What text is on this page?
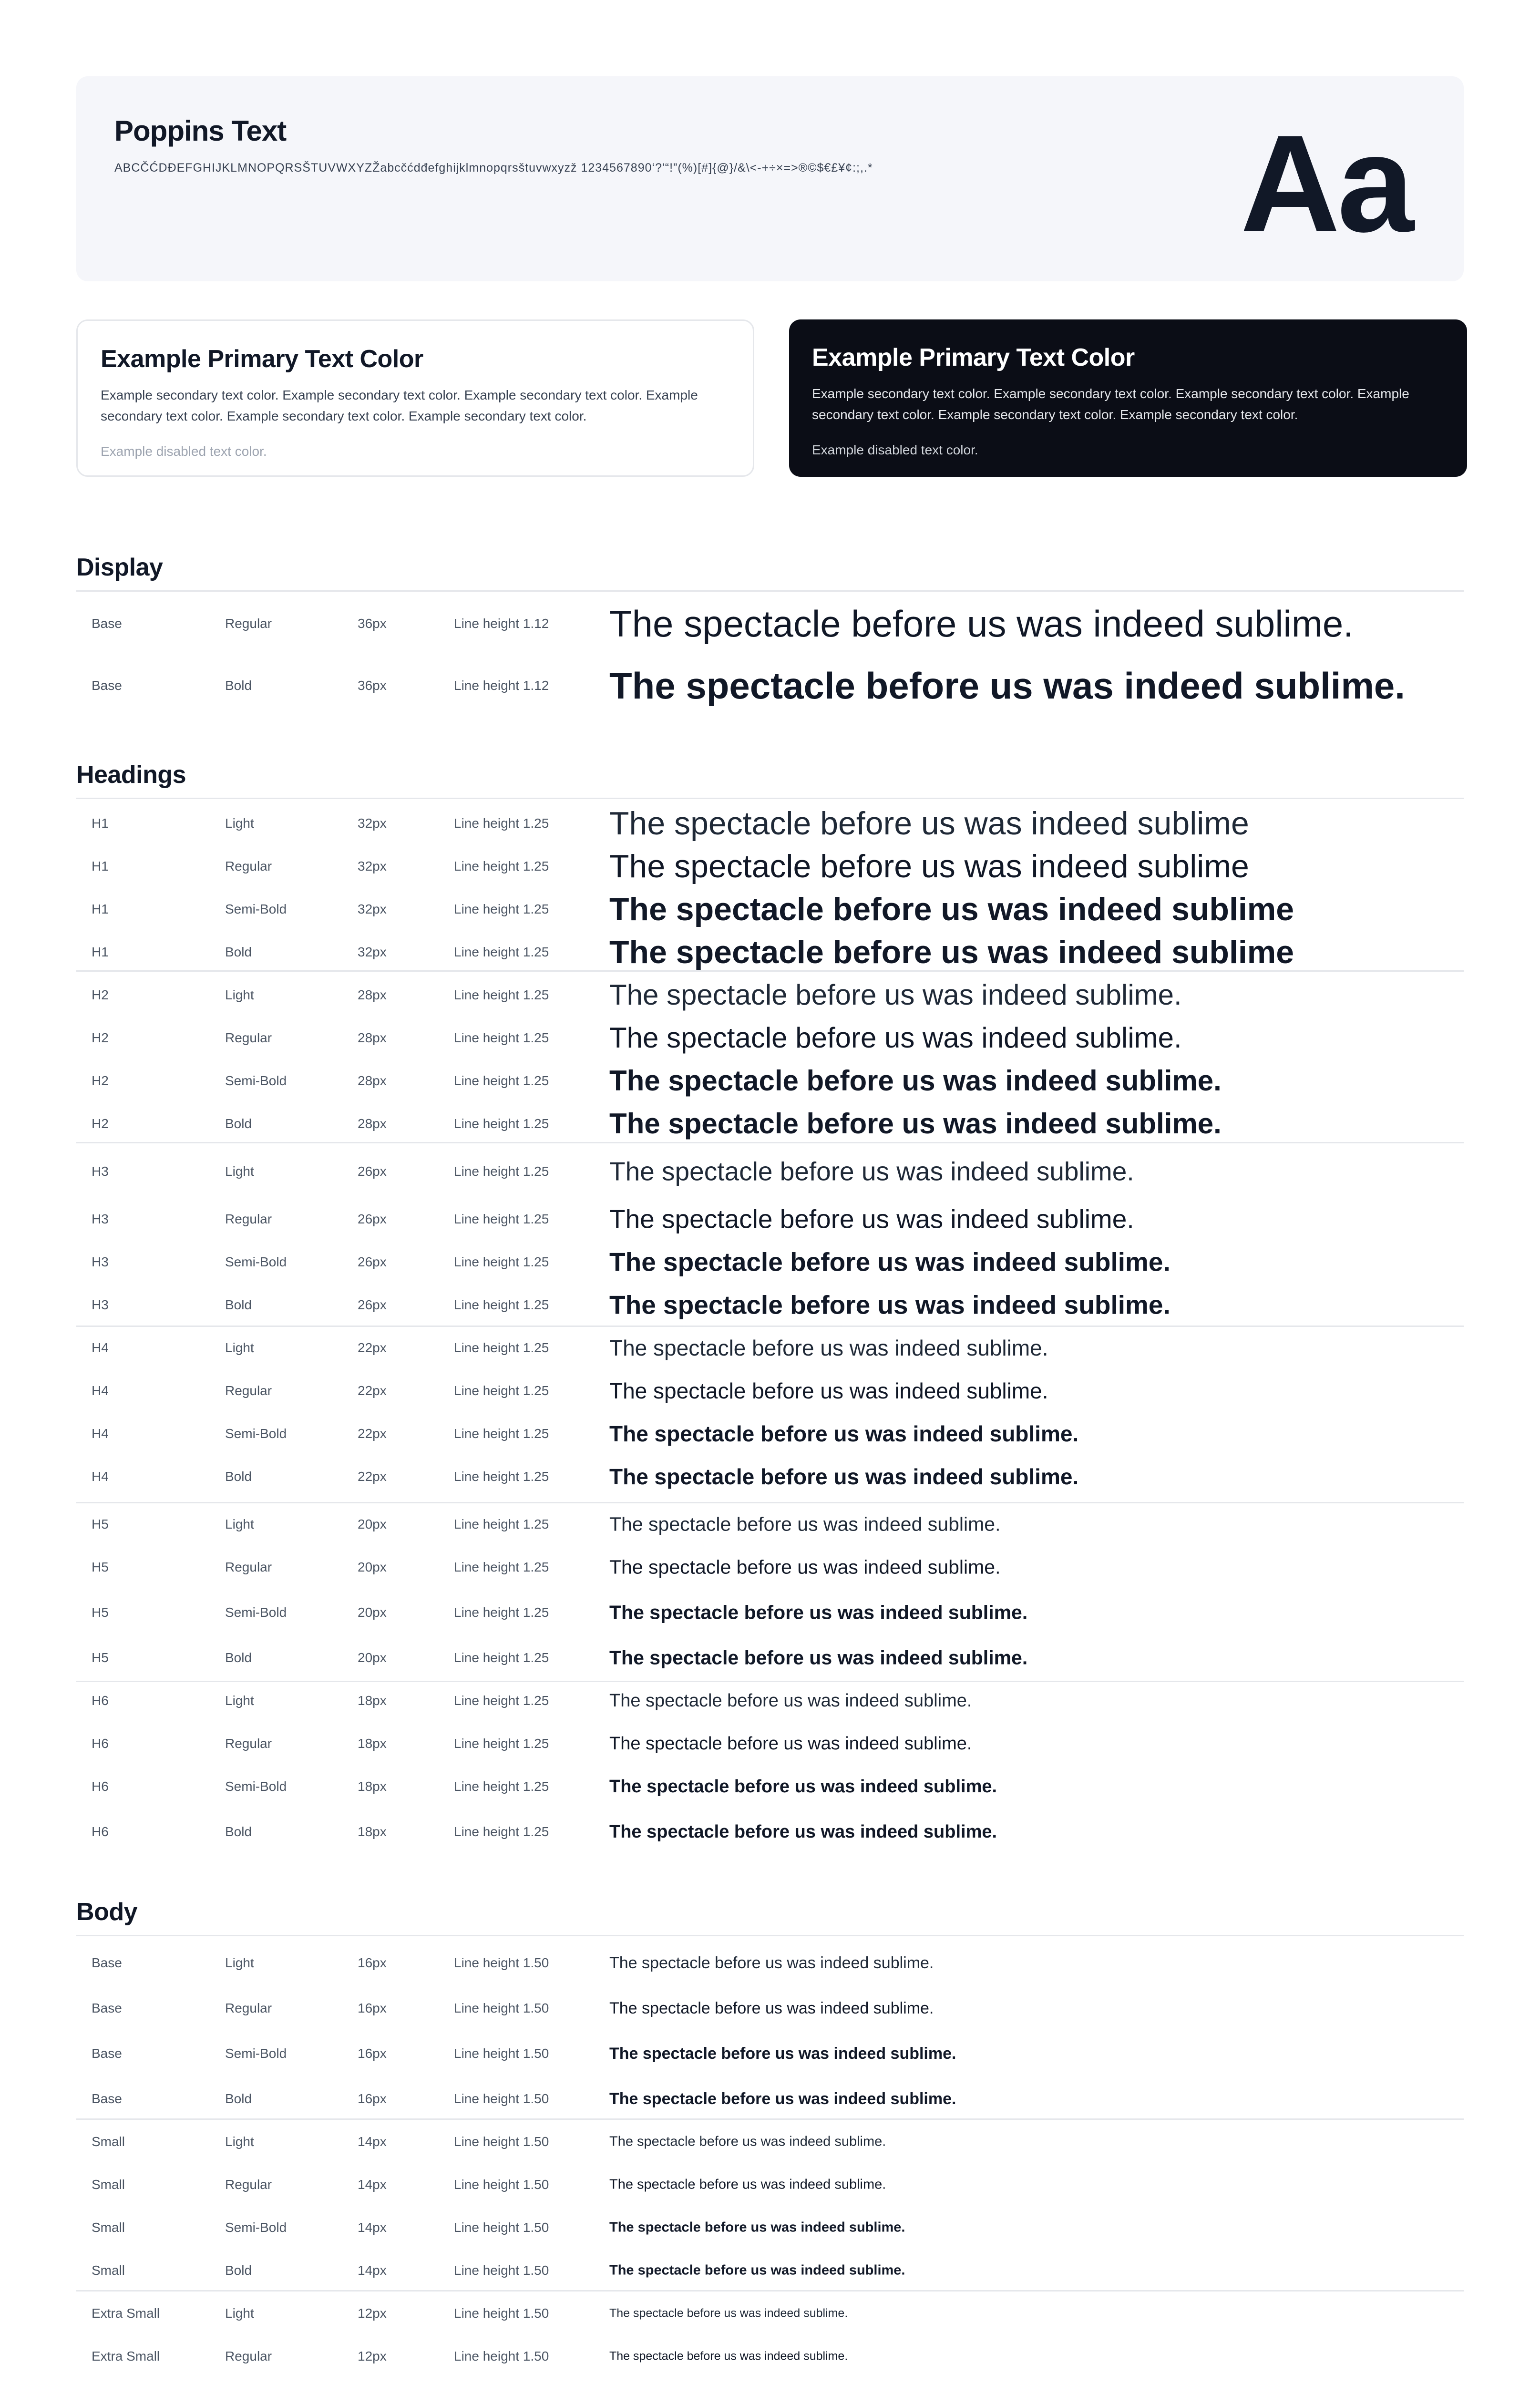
Poppins Text
ABCČĆDĐEFGHIJKLMNOPQRSŠTUVWXYZŽabcčćdđefghijklmnopqrsštuvwxyzž 1234567890‘?'“!”(%)[#]{@}/&\<-+÷×=>®©$€£¥¢:;,.*	Aa
Example Primary Text Color
Example secondary text color. Example secondary text color. Example secondary text color. Example secondary text color. Example secondary text color. Example secondary text color.
Example disabled text color.
Example Primary Text Color
Example secondary text color. Example secondary text color. Example secondary text color. Example secondary text color. Example secondary text color. Example secondary text color.
Example disabled text color.
Display
Base	Regular	36px	Line height 1.12 The spectacle before us was indeed sublime.
Base	Bold	36px	Line height 1.12 The spectacle before us was indeed sublime.
Headings
H1	Light	32px	Line height 1.25 The spectacle before us was indeed sublime
H1	Regular	32px	Line height 1.25 The spectacle before us was indeed sublime
H1	Semi-Bold	32px	Line height 1.25 The spectacle before us was indeed sublime
H1	Bold	32px	Line height 1.25 The spectacle before us was indeed sublime
H2	Light	28px	Line height 1.25 The spectacle before us was indeed sublime.
H2	Regular	28px	Line height 1.25 The spectacle before us was indeed sublime.
H2	Semi-Bold	28px	Line height 1.25 The spectacle before us was indeed sublime.
H2	Bold	28px	Line height 1.25 The spectacle before us was indeed sublime.
H3	Light	26px	Line height 1.25 The spectacle before us was indeed sublime.
H3	Regular	26px	Line height 1.25 The spectacle before us was indeed sublime.
H3	Semi-Bold	26px	Line height 1.25 The spectacle before us was indeed sublime.
H3	Bold	26px	Line height 1.25 The spectacle before us was indeed sublime.
H4	Light	22px	Line height 1.25	The spectacle before us was indeed sublime.
H4	Regular	22px	Line height 1.25	The spectacle before us was indeed sublime.
H4	Semi-Bold	22px	Line height 1.25	The spectacle before us was indeed sublime.
H4	Bold	22px	Line height 1.25	The spectacle before us was indeed sublime.
H5	Light	20px	Line height 1.25	The spectacle before us was indeed sublime.
H5	Regular	20px	Line height 1.25	The spectacle before us was indeed sublime.
H5	Semi-Bold	20px	Line height 1.25	The spectacle before us was indeed sublime.
H5	Bold	20px	Line height 1.25	The spectacle before us was indeed sublime.
H6	Light	18px	Line height 1.25	The spectacle before us was indeed sublime.
H6	Regular	18px	Line height 1.25	The spectacle before us was indeed sublime.
H6	Semi-Bold	18px	Line height 1.25	The spectacle before us was indeed sublime.
H6	Bold	18px	Line height 1.25	The spectacle before us was indeed sublime.
Body
Base	Light	16px	Line height 1.50	The spectacle before us was indeed sublime.
Base	Regular	16px	Line height 1.50	The spectacle before us was indeed sublime.
Base	Semi-Bold	16px	Line height 1.50	The spectacle before us was indeed sublime.
Base	Bold	16px	Line height 1.50	The spectacle before us was indeed sublime.
Small	Light	14px	Line height 1.50	The spectacle before us was indeed sublime.
Small	Regular	14px	Line height 1.50	The spectacle before us was indeed sublime.
Small	Semi-Bold	14px	Line height 1.50	The spectacle before us was indeed sublime.
Small	Bold	14px	Line height 1.50	The spectacle before us was indeed sublime.
Extra Small	Light	12px	Line height 1.50	The spectacle before us was indeed sublime.
Extra Small	Regular	12px	Line height 1.50	The spectacle before us was indeed sublime.
